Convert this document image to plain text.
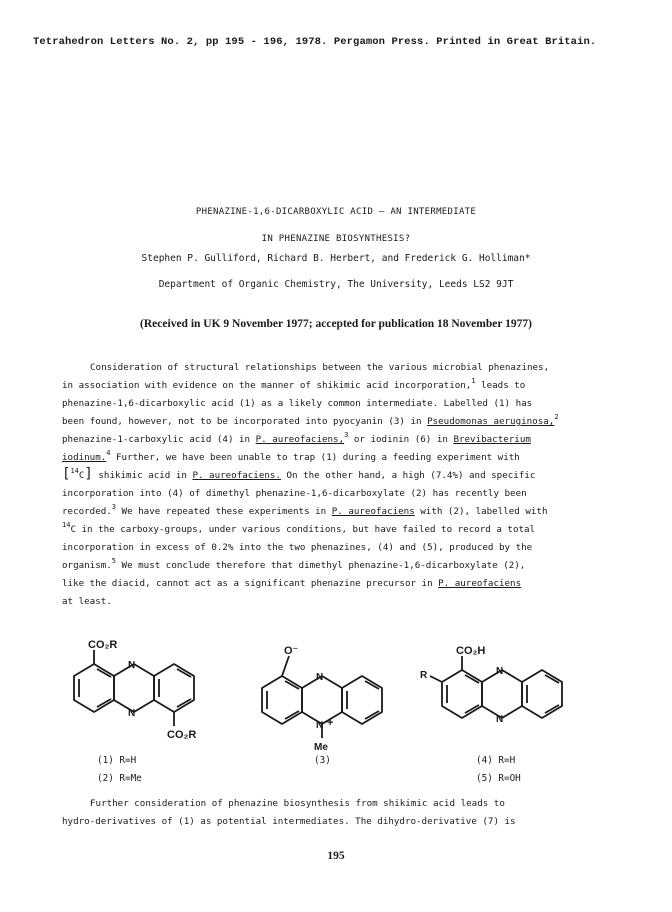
Tetrahedron Letters No. 2, pp 195 - 196, 1978. Pergamon Press. Printed in Great Britain.
PHENAZINE-1,6-DICARBOXYLIC ACID — AN INTERMEDIATE
IN PHENAZINE BIOSYNTHESIS?
Stephen P. Gulliford, Richard B. Herbert, and Frederick G. Holliman*
Department of Organic Chemistry, The University, Leeds LS2 9JT
(Received in UK 9 November 1977; accepted for publication 18 November 1977)
Consideration of structural relationships between the various microbial phenazines,
in association with evidence on the manner of shikimic acid incorporation,$^1$ leads to
phenazine-1,6-dicarboxylic acid (1) as a likely common intermediate. Labelled (1) has
been found, however, not to be incorporated into pyocyanin (3) in Pseudomonas aeruginosa,$^2$
phenazine-1-carboxylic acid (4) in P. aureofaciens,$^3$ or iodinin (6) in Brevibacterium
iodinum.$^4$ Further, we have been unable to trap (1) during a feeding experiment with
[$^{14}$C] shikimic acid in P. aureofaciens. On the other hand, a high (7.4%) and specific
incorporation into (4) of dimethyl phenazine-1,6-dicarboxylate (2) has recently been
recorded.$^3$ We have repeated these experiments in P. aureofaciens with (2), labelled with
$^{14}$C in the carboxy-groups, under various conditions, but have failed to record a total
incorporation in excess of 0.2% into the two phenazines, (4) and (5), produced by the
organism.$^5$ We must conclude therefore that dimethyl phenazine-1,6-dicarboxylate (2),
like the diacid, cannot act as a significant phenazine precursor in P. aureofaciens
at least.
CO₂R
N
N
CO₂R
O⁻
N
N +
Me
CO₂H
R	N
N
(1) R=H
(2) R=Me
(3)	(4) R=H
(5) R=OH
Further consideration of phenazine biosynthesis from shikimic acid leads to
hydro-derivatives of (1) as potential intermediates. The dihydro-derivative (7) is
195
